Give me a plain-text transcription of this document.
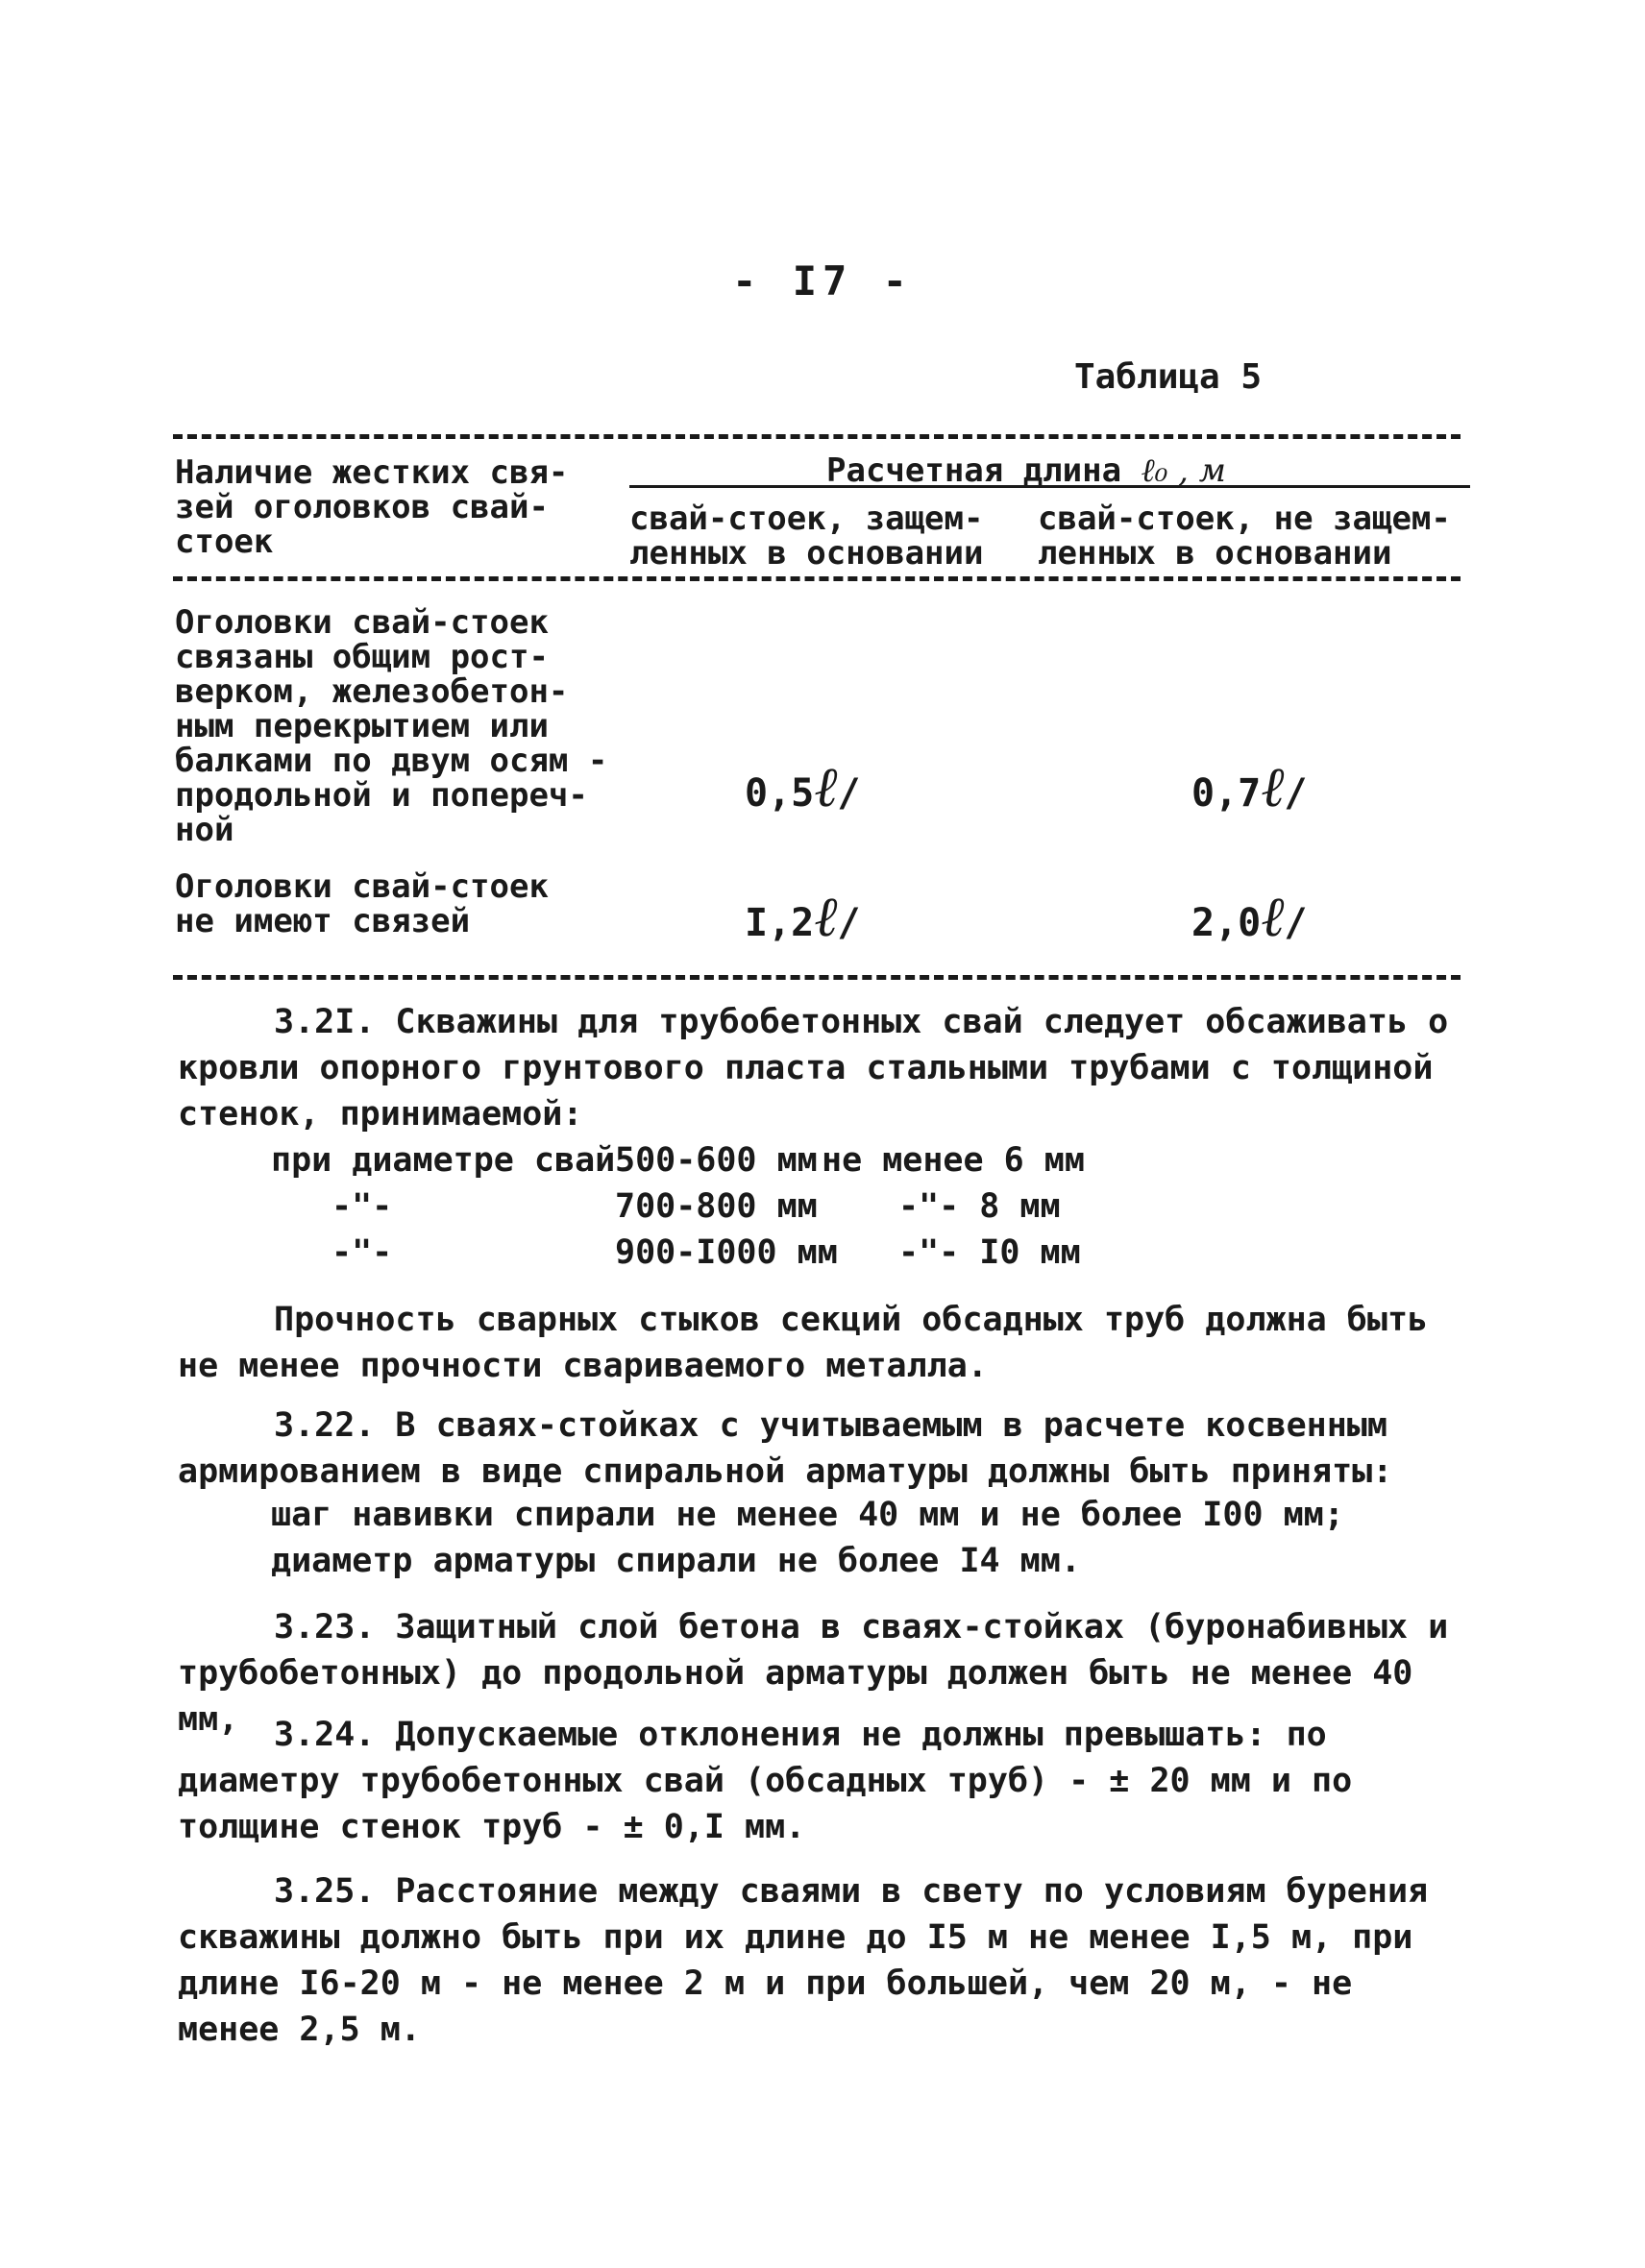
- I7 -
Таблица 5
Наличие жестких свя-
зей оголовков свай-
стоек
Расчетная длина ℓ₀ , м
свай-стоек, защем-
ленных в основании
свай-стоек, не защем-
ленных в основании
Оголовки свай-стоек
связаны общим рост-
верком, железобетон-
ным перекрытием или
балками по двум осям -
продольной и попереч-
ной
0,5ℓ/	0,7ℓ/
Оголовки свай-стоек
не имеют связей	I,2ℓ/	2,0ℓ/
3.2I. Скважины для трубобетонных свай следует обсаживать о кровли опорного грунтового пласта стальными трубами с толщиной стенок, принимаемой:
при диаметре свай 500-600 мм не менее 6 мм
-"-	700-800 мм -"- 8 мм
-"-	900-I000 мм -"- I0 мм
Прочность сварных стыков секций обсадных труб должна быть не менее прочности свариваемого металла.
3.22. В сваях-стойках с учитываемым в расчете косвенным армированием в виде спиральной арматуры должны быть приняты:
шаг навивки спирали не менее 40 мм и не более I00 мм;
диаметр арматуры спирали не более I4 мм.
3.23. Защитный слой бетона в сваях-стойках (буронабивных и трубобетонных) до продольной арматуры должен быть не менее 40 мм,	3.24. Допускаемые отклонения не должны превышать: по диаметру трубобетонных свай (обсадных труб) - ± 20 мм и по толщине стенок труб - ± 0,I мм.
3.25. Расстояние между сваями в свету по условиям бурения скважины должно быть при их длине до I5 м не менее I,5 м, при длине I6-20 м - не менее 2 м и при большей, чем 20 м, - не менее 2,5 м.
